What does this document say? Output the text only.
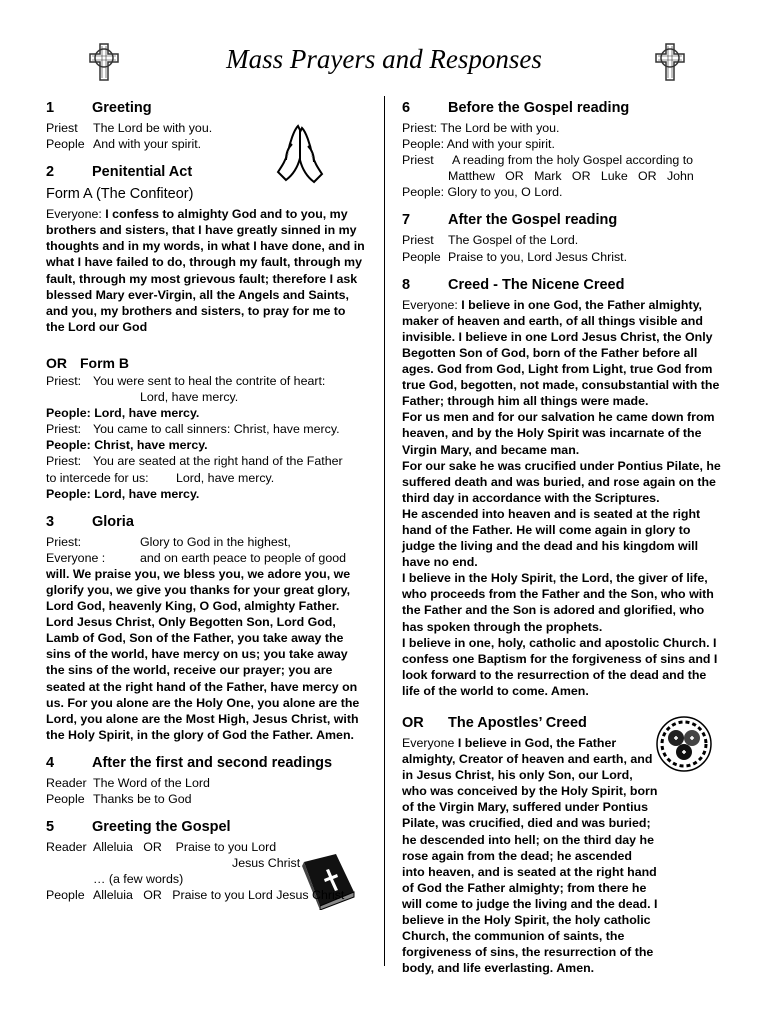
Mass Prayers and Responses
1	Greeting
Priest The Lord be with you.
People And with your spirit.
2	Penitential Act
Form A (The Confiteor)

Everyone: I confess to almighty God and to you, my brothers and sisters, that I have greatly sinned in my thoughts and in my words, in what I have done, and in what I have failed to do, through my fault, through my fault, through my most grievous fault; therefore I ask blessed Mary ever-Virgin, all the Angels and Saints, and you, my brothers and sisters, to pray for me to the Lord our God

OR Form B
Priest: You were sent to heal the contrite of heart:
Lord, have mercy.
People: Lord, have mercy.
Priest: You came to call sinners: Christ, have mercy.
People: Christ, have mercy.
Priest: You are seated at the right hand of the Father
to intercede for us: Lord, have mercy.
People: Lord, have mercy.
3	Gloria
Priest:	Glory to God in the highest,
Everyone :	and on earth peace to people of good

will. We praise you, we bless you, we adore you, we glorify you, we give you thanks for your great glory, Lord God, heavenly King, O God, almighty Father. Lord Jesus Christ, Only Begotten Son, Lord God, Lamb of God, Son of the Father, you take away the sins of the world, have mercy on us; you take away the sins of the world, receive our prayer; you are seated at the right hand of the Father, have mercy on us. For you alone are the Holy One, you alone are the Lord, you alone are the Most High, Jesus Christ, with the Holy Spirit, in the glory of God the Father. Amen.

4	After the first and second readings
Reader The Word of the Lord
People Thanks be to God
5	Greeting the Gospel
Reader Alleluia   OR    Praise to you Lord
Jesus Christ
… (a few words)
People Alleluia   OR   Praise to you Lord Jesus Christ
6	Before the Gospel reading
Priest: The Lord be with you.
People: And with your spirit.
Priest A reading from the holy Gospel according to
Matthew   OR   Mark   OR   Luke   OR   John
People: Glory to you, O Lord.
7	After the Gospel reading
Priest The Gospel of the Lord.
People Praise to you, Lord Jesus Christ.
8	Creed - The Nicene Creed

Everyone: I believe in one God, the Father almighty, maker of heaven and earth, of all things visible and invisible. I believe in one Lord Jesus Christ, the Only Begotten Son of God, born of the Father before all ages. God from God, Light from Light, true God from true God, begotten, not made, consubstantial with the Father; through him all things were made.

For us men and for our salvation he came down from heaven, and by the Holy Spirit was incarnate of the Virgin Mary, and became man.

For our sake he was crucified under Pontius Pilate, he suffered death and was buried, and rose again on the third day in accordance with the Scriptures.

He ascended into heaven and is seated at the right hand of the Father. He will come again in glory to judge the living and the dead and his kingdom will have no end.

I believe in the Holy Spirit, the Lord, the giver of life, who proceeds from the Father and the Son, who with the Father and the Son is adored and glorified, who has spoken through the prophets.

I believe in one, holy, catholic and apostolic Church. I confess one Baptism for the forgiveness of sins and I look forward to the resurrection of the dead and the life of the world to come. Amen.

OR The Apostles’ Creed

Everyone I believe in God, the Father almighty, Creator of heaven and earth, and in Jesus Christ, his only Son, our Lord, who was conceived by the Holy Spirit, born of the Virgin Mary, suffered under Pontius Pilate, was crucified, died and was buried; he descended into hell; on the third day he rose again from the dead; he ascended into heaven, and is seated at the right hand of God the Father almighty; from there he will come to judge the living and the dead. I believe in the Holy Spirit, the holy catholic Church, the communion of saints, the forgiveness of sins, the resurrection of the body, and life everlasting. Amen.
